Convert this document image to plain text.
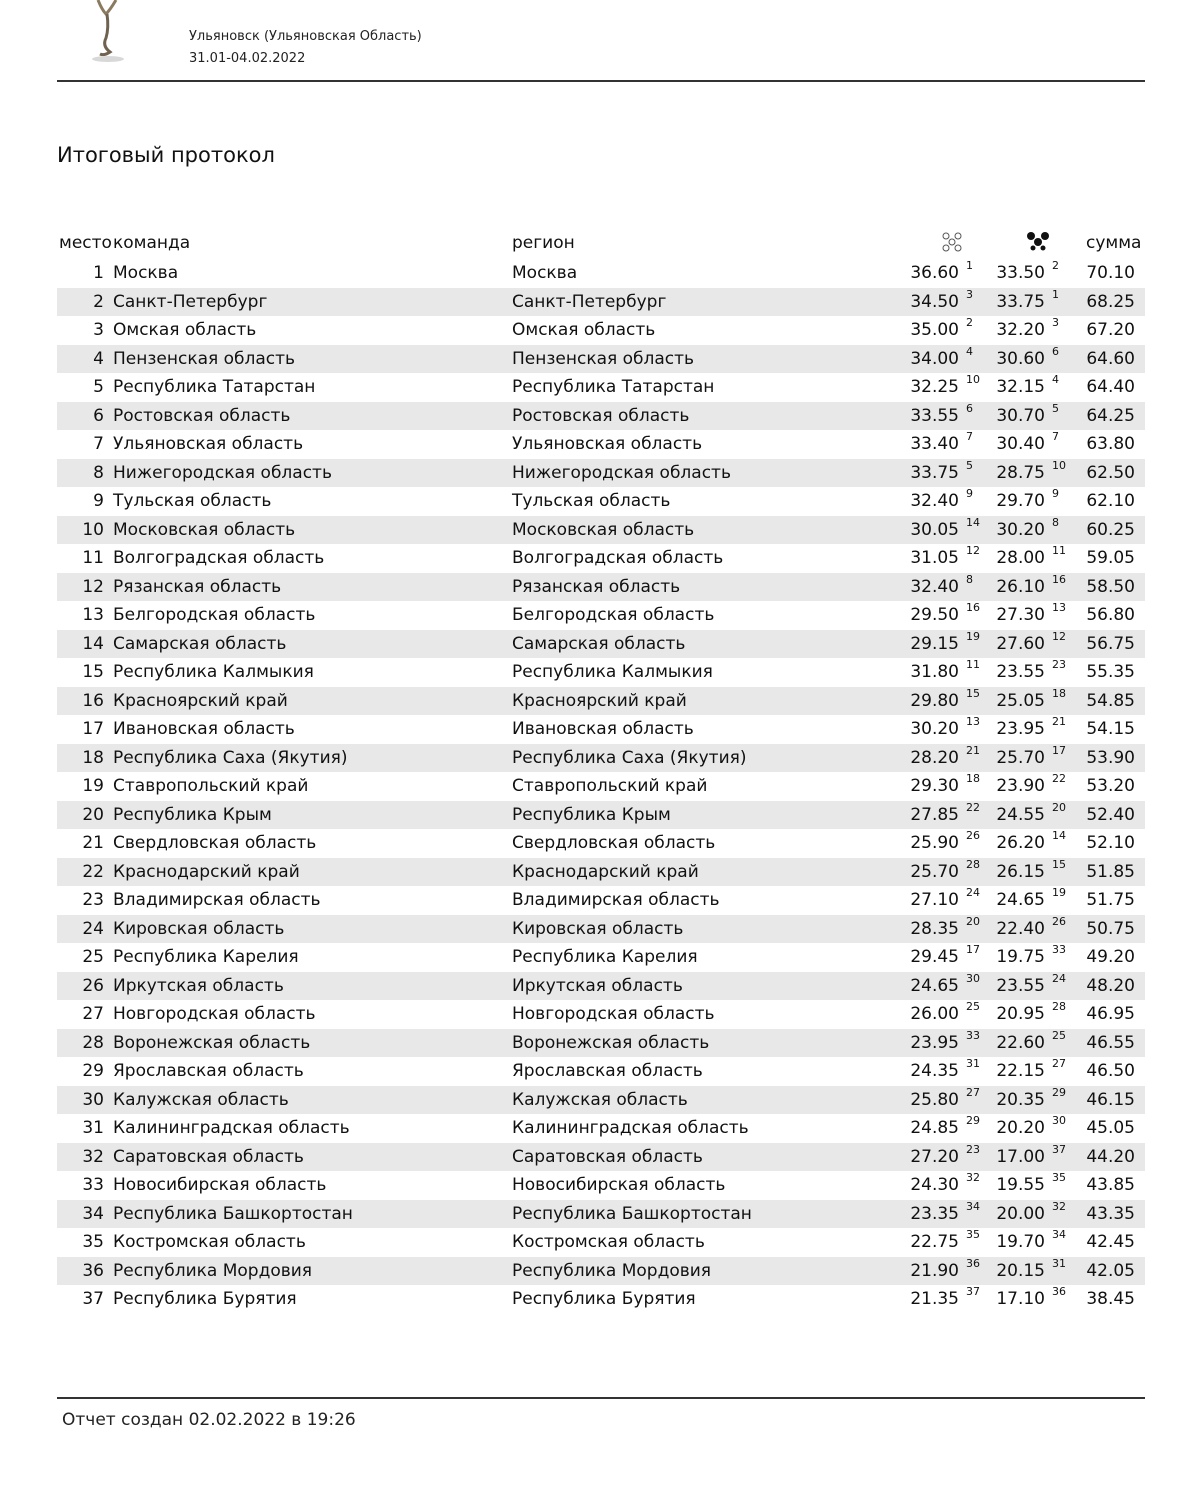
Ульяновск (Ульяновская Область)
31.01-04.02.2022
Итоговый протокол
место команда	регион	сумма
1 Москва	Москва	36.60 1 33.50 2 70.10
2 Санкт-Петербург	Санкт-Петербург	34.50 3 33.75 1 68.25
3 Омская область	Омская область	35.00 2 32.20 3 67.20
4 Пензенская область	Пензенская область	34.00 4 30.60 6 64.60
5 Республика Татарстан	Республика Татарстан	32.25 10 32.15 4 64.40
6 Ростовская область	Ростовская область	33.55 6 30.70 5 64.25
7 Ульяновская область	Ульяновская область	33.40 7 30.40 7 63.80
8 Нижегородская область	Нижегородская область	33.75 5 28.75 10 62.50
9 Тульская область	Тульская область	32.40 9 29.70 9 62.10
10 Московская область	Московская область	30.05 14 30.20 8 60.25
11 Волгоградская область	Волгоградская область	31.05 12 28.00 11 59.05
12 Рязанская область	Рязанская область	32.40 8 26.10 16 58.50
13 Белгородская область	Белгородская область	29.50 16 27.30 13 56.80
14 Самарская область	Самарская область	29.15 19 27.60 12 56.75
15 Республика Калмыкия	Республика Калмыкия	31.80 11 23.55 23 55.35
16 Красноярский край	Красноярский край	29.80 15 25.05 18 54.85
17 Ивановская область	Ивановская область	30.20 13 23.95 21 54.15
18 Республика Саха (Якутия)	Республика Саха (Якутия)	28.20 21 25.70 17 53.90
19 Ставропольский край	Ставропольский край	29.30 18 23.90 22 53.20
20 Республика Крым	Республика Крым	27.85 22 24.55 20 52.40
21 Свердловская область	Свердловская область	25.90 26 26.20 14 52.10
22 Краснодарский край	Краснодарский край	25.70 28 26.15 15 51.85
23 Владимирская область	Владимирская область	27.10 24 24.65 19 51.75
24 Кировская область	Кировская область	28.35 20 22.40 26 50.75
25 Республика Карелия	Республика Карелия	29.45 17 19.75 33 49.20
26 Иркутская область	Иркутская область	24.65 30 23.55 24 48.20
27 Новгородская область	Новгородская область	26.00 25 20.95 28 46.95
28 Воронежская область	Воронежская область	23.95 33 22.60 25 46.55
29 Ярославская область	Ярославская область	24.35 31 22.15 27 46.50
30 Калужская область	Калужская область	25.80 27 20.35 29 46.15
31 Калининградская область	Калининградская область	24.85 29 20.20 30 45.05
32 Саратовская область	Саратовская область	27.20 23 17.00 37 44.20
33 Новосибирская область	Новосибирская область	24.30 32 19.55 35 43.85
34 Республика Башкортостан	Республика Башкортостан	23.35 34 20.00 32 43.35
35 Костромская область	Костромская область	22.75 35 19.70 34 42.45
36 Республика Мордовия	Республика Мордовия	21.90 36 20.15 31 42.05
37 Республика Бурятия	Республика Бурятия	21.35 37 17.10 36 38.45
Отчет создан 02.02.2022 в 19:26
